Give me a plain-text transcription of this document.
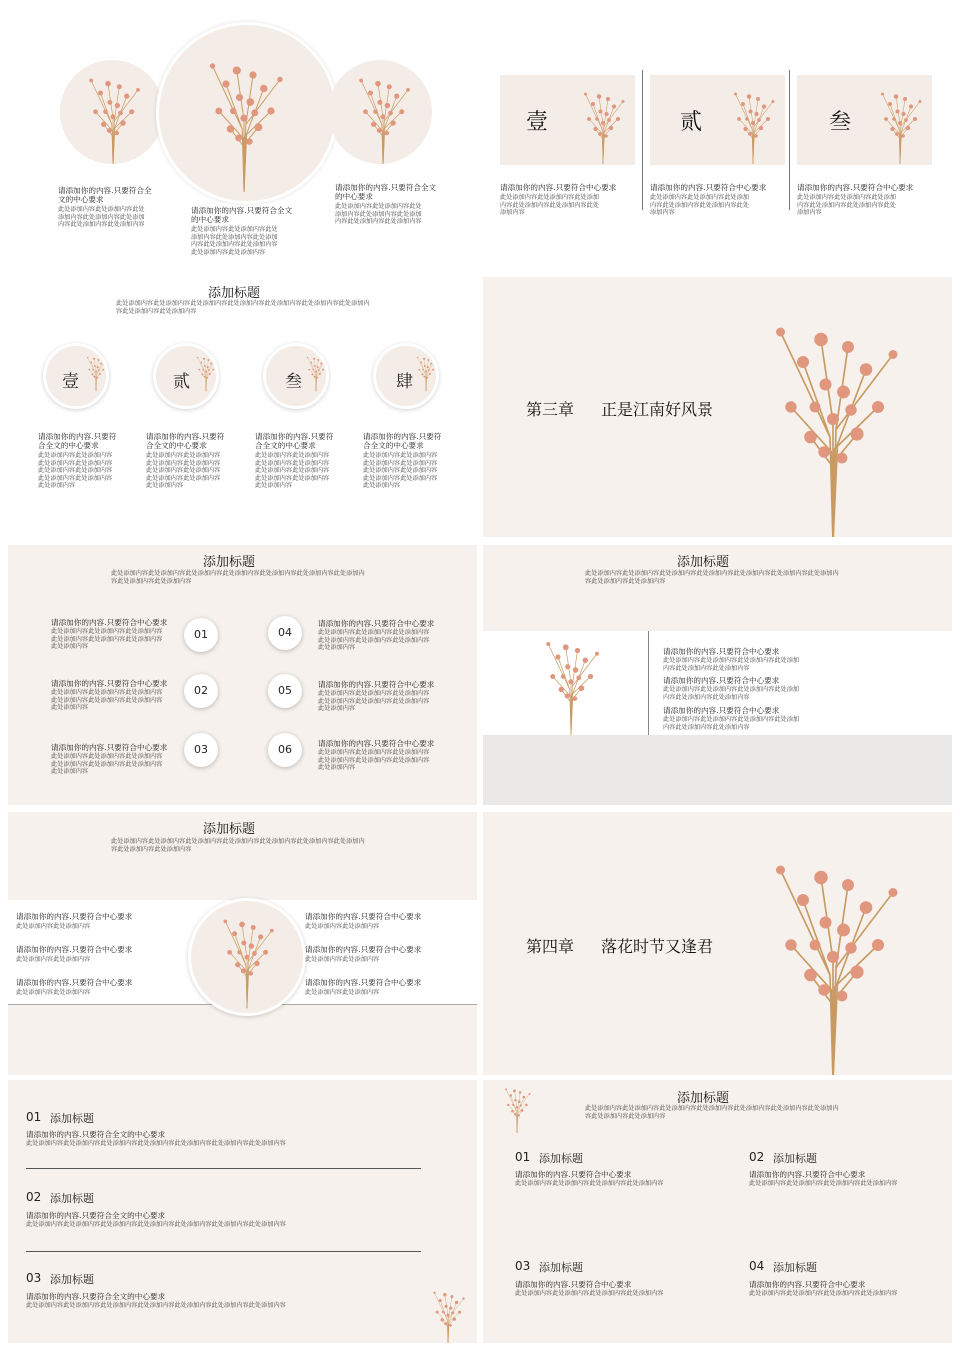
请添加你的内容.只要符合全
文的中心要求
此处添加内容此处添加内容此处
添加内容此处添加内容此处添加
内容此处添加内容此处添加内容
请添加你的内容.只要符合全文
的中心要求
此处添加内容此处添加内容此处
添加内容此处添加内容此处添加
内容此处添加内容此处添加内容
此处添加内容此处添加内容
请添加你的内容.只要符合全文
的中心要求
此处添加内容此处添加内容此处
添加内容此处添加内容此处添加
内容此处添加内容此处添加内容
壹	贰	叁
请添加你的内容.只要符合中心要求
此处添加内容此处添加内容此处添加
内容此处添加内容此处添加内容此处
添加内容
请添加你的内容.只要符合中心要求
此处添加内容此处添加内容此处添加
内容此处添加内容此处添加内容此处
添加内容
请添加你的内容.只要符合中心要求
此处添加内容此处添加内容此处添加
内容此处添加内容此处添加内容此处
添加内容
添加标题
此处添加内容此处添加内容此处添加内容此处添加内容此处添加内容此处添加内容此处添加内
容此处添加内容此处添加内容
壹	贰	叁	肆
请添加你的内容.只要符
合全文的中心要求
此处添加内容此处添加内容
此处添加内容此处添加内容
此处添加内容此处添加内容
此处添加内容此处添加内容
此处添加内容
请添加你的内容.只要符
合全文的中心要求
此处添加内容此处添加内容
此处添加内容此处添加内容
此处添加内容此处添加内容
此处添加内容此处添加内容
此处添加内容
请添加你的内容.只要符
合全文的中心要求
此处添加内容此处添加内容
此处添加内容此处添加内容
此处添加内容此处添加内容
此处添加内容此处添加内容
此处添加内容
请添加你的内容.只要符
合全文的中心要求
此处添加内容此处添加内容
此处添加内容此处添加内容
此处添加内容此处添加内容
此处添加内容此处添加内容
此处添加内容
第三章 正是江南好风景
添加标题
此处添加内容此处添加内容此处添加内容此处添加内容此处添加内容此处添加内容此处添加内
容此处添加内容此处添加内容
请添加你的内容.只要符合中心要求
此处添加内容此处添加内容此处添加内容
此处添加内容此处添加内容此处添加内容
此处添加内容
01
请添加你的内容.只要符合中心要求
此处添加内容此处添加内容此处添加内容
此处添加内容此处添加内容此处添加内容
此处添加内容
02
请添加你的内容.只要符合中心要求
此处添加内容此处添加内容此处添加内容
此处添加内容此处添加内容此处添加内容
此处添加内容
03
04
请添加你的内容.只要符合中心要求
此处添加内容此处添加内容此处添加内容
此处添加内容此处添加内容此处添加内容
此处添加内容
05	请添加你的内容.只要符合中心要求
此处添加内容此处添加内容此处添加内容
此处添加内容此处添加内容此处添加内容
此处添加内容
06	请添加你的内容.只要符合中心要求
此处添加内容此处添加内容此处添加内容
此处添加内容此处添加内容此处添加内容
此处添加内容
添加标题
此处添加内容此处添加内容此处添加内容此处添加内容此处添加内容此处添加内容此处添加内
容此处添加内容此处添加内容
请添加你的内容.只要符合中心要求
此处添加内容此处添加内容此处添加内容此处添加
内容此处添加内容此处添加内容
请添加你的内容.只要符合中心要求
此处添加内容此处添加内容此处添加内容此处添加
内容此处添加内容此处添加内容
请添加你的内容.只要符合中心要求
此处添加内容此处添加内容此处添加内容此处添加
内容此处添加内容此处添加内容
添加标题
此处添加内容此处添加内容此处添加内容此处添加内容此处添加内容此处添加内容此处添加内
容此处添加内容此处添加内容
请添加你的内容.只要符合中心要求
此处添加内容此处添加内容
请添加你的内容.只要符合中心要求
此处添加内容此处添加内容
请添加你的内容.只要符合中心要求
此处添加内容此处添加内容
请添加你的内容.只要符合中心要求
此处添加内容此处添加内容
请添加你的内容.只要符合中心要求
此处添加内容此处添加内容
请添加你的内容.只要符合中心要求
此处添加内容此处添加内容
第四章 落花时节又逢君
01 添加标题
请添加你的内容.只要符合全文的中心要求
此处添加内容此处添加内容此处添加内容此处添加内容此处添加内容此处添加内容此处添加内容
02 添加标题
请添加你的内容.只要符合全文的中心要求
此处添加内容此处添加内容此处添加内容此处添加内容此处添加内容此处添加内容此处添加内容
03 添加标题
请添加你的内容.只要符合全文的中心要求
此处添加内容此处添加内容此处添加内容此处添加内容此处添加内容此处添加内容此处添加内容
添加标题
此处添加内容此处添加内容此处添加内容此处添加内容此处添加内容此处添加内容此处添加内
容此处添加内容此处添加内容
01 添加标题
请添加你的内容.只要符合中心要求
此处添加内容此处添加内容此处添加内容此处添加内容
02 添加标题
请添加你的内容.只要符合中心要求
此处添加内容此处添加内容此处添加内容此处添加内容
03 添加标题
请添加你的内容.只要符合中心要求
此处添加内容此处添加内容此处添加内容此处添加内容
04 添加标题
请添加你的内容.只要符合中心要求
此处添加内容此处添加内容此处添加内容此处添加内容
